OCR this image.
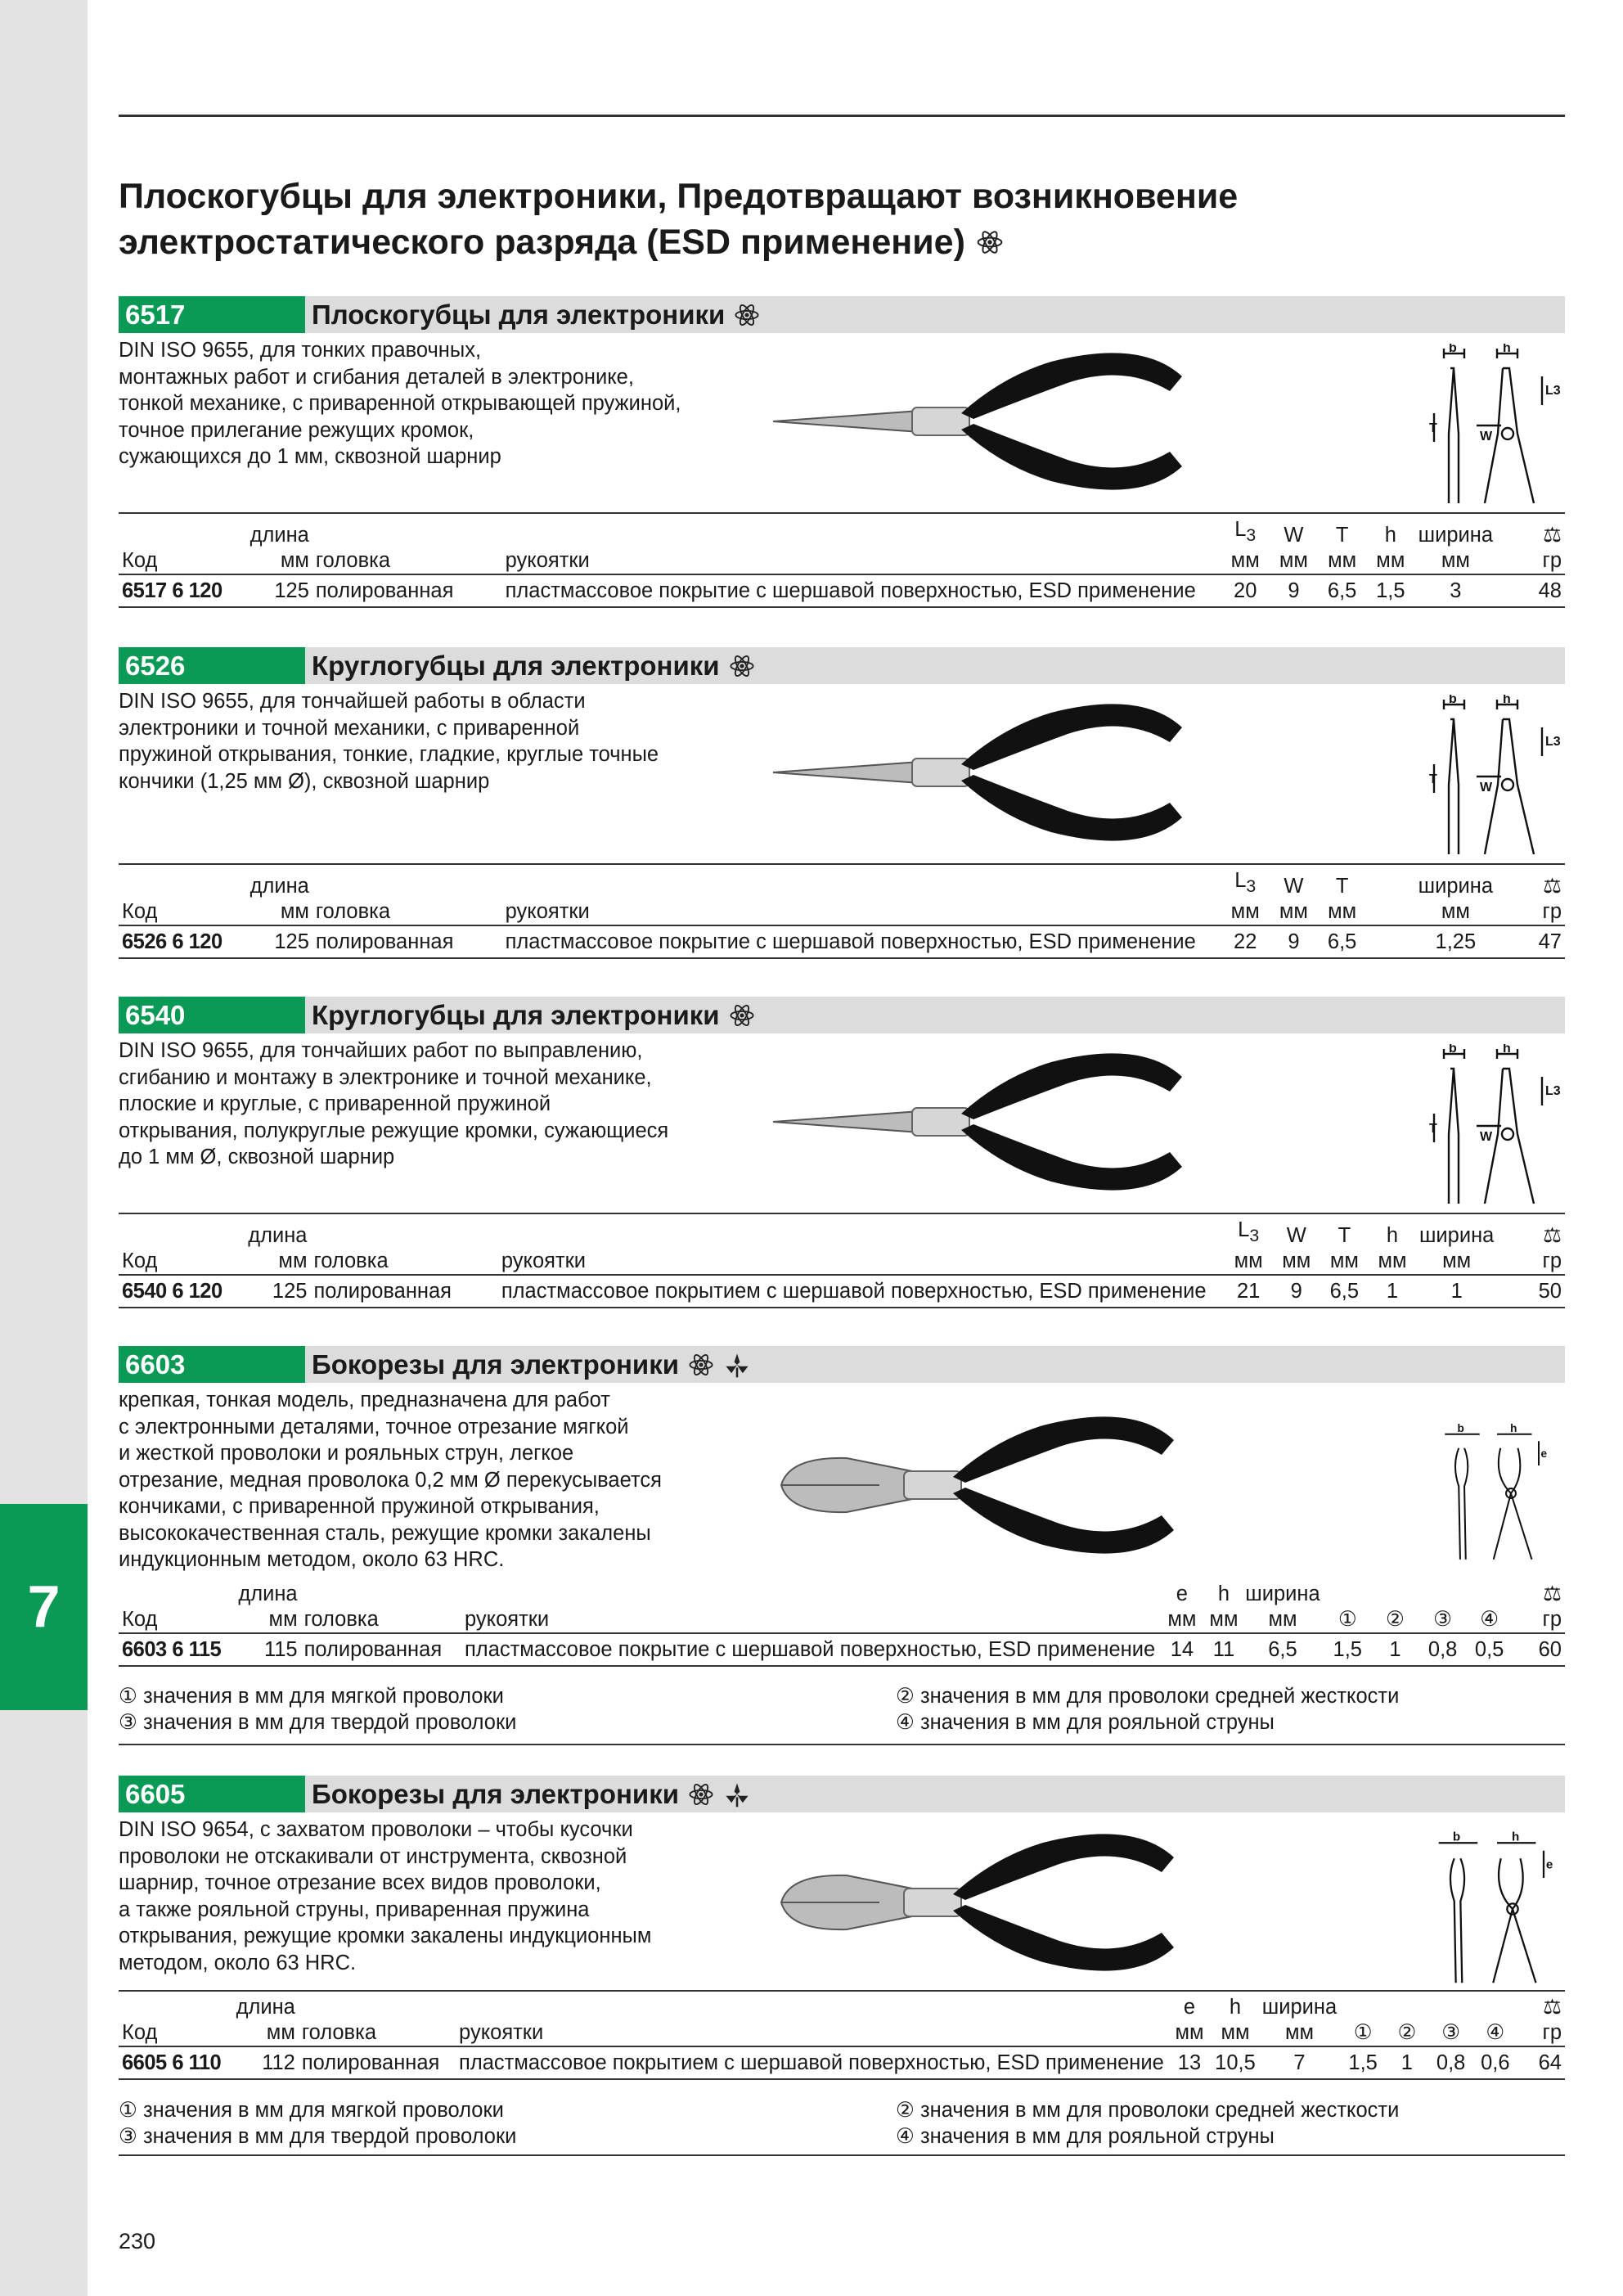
7
Плоскогубцы для электроники, Предотвращают возникновение
электростатического разряда (ESD применение)
6517	Плоскогубцы для электроники
DIN ISO 9655, для тонких правочных,
монтажных работ и сгибания деталей в электронике,
тонкой механике, с приваренной открывающей пружиной,
точное прилегание режущих кромок,
сужающихся до 1 мм, сквозной шарнир
	длина			$L_3$	W	T	h	ширина	⚖
Код	мм	головка	рукоятки	мм	мм	мм	мм	мм	гр
6517 6 120	125	полированная	пластмассовое покрытие с шершавой поверхностью, ESD применение	20	9	6,5	1,5	3	48
6526	Круглогубцы для электроники
DIN ISO 9655, для тончайшей работы в области
электроники и точной механики, с приваренной
пружиной открывания, тонкие, гладкие, круглые точные
кончики (1,25 мм Ø), сквозной шарнир
	длина			$L_3$	W	T		ширина	⚖
Код	мм	головка	рукоятки	мм	мм	мм		мм	гр
6526 6 120	125	полированная	пластмассовое покрытие с шершавой поверхностью, ESD применение	22	9	6,5		1,25	47
6540	Круглогубцы для электроники
DIN ISO 9655, для тончайших работ по выправлению,
сгибанию и монтажу в электронике и точной механике,
плоские и круглые, с приваренной пружиной
открывания, полукруглые режущие кромки, сужающиеся
до 1 мм Ø, сквозной шарнир
	длина			$L_3$	W	T	h	ширина	⚖
Код	мм	головка	рукоятки	мм	мм	мм	мм	мм	гр
6540 6 120	125	полированная	пластмассовое покрытием с шершавой поверхностью, ESD применение	21	9	6,5	1	1	50
6603	Бокорезы для электроники
крепкая, тонкая модель, предназначена для работ
с электронными деталями, точное отрезание мягкой
и жесткой проволоки и рояльных струн, легкое
отрезание, медная проволока 0,2 мм Ø перекусывается
кончиками, с приваренной пружиной открывания,
высококачественная сталь, режущие кромки закалены
индукционным методом, около 63 HRC.
	длина			e	h	ширина					⚖
Код	мм	головка	рукоятки	мм	мм	мм	①	②	③	④	гр
6603 6 115	115	полированная	пластмассовое покрытие с шершавой поверхностью, ESD применение	14	11	6,5	1,5	1	0,8	0,5	60
① значения в мм для мягкой проволоки
③ значения в мм для твердой проволоки
② значения в мм для проволоки средней жесткости
④ значения в мм для рояльной струны
6605	Бокорезы для электроники
DIN ISO 9654, с захватом проволоки – чтобы кусочки
проволоки не отскакивали от инструмента, сквозной
шарнир, точное отрезание всех видов проволоки,
а также рояльной струны, приваренная пружина
открывания, режущие кромки закалены индукционным
методом, около 63 HRC.
	длина			e	h	ширина					⚖
Код	мм	головка	рукоятки	мм	мм	мм	①	②	③	④	гр
6605 6 110	112	полированная	пластмассовое покрытием с шершавой поверхностью, ESD применение	13	10,5	7	1,5	1	0,8	0,6	64
① значения в мм для мягкой проволоки
③ значения в мм для твердой проволоки
② значения в мм для проволоки средней жесткости
④ значения в мм для рояльной струны
230
